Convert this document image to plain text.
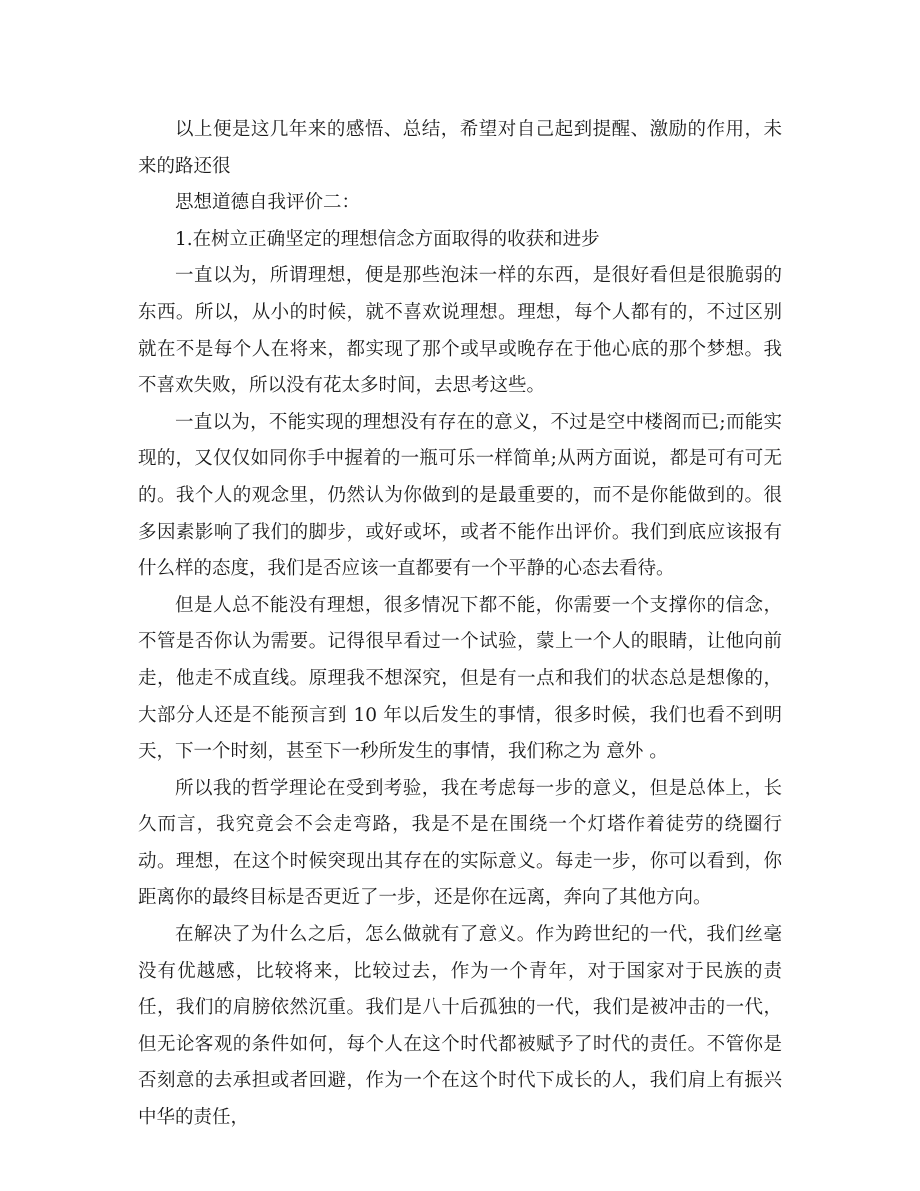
以上便是这几年来的感悟、总结，希望对自己起到提醒、激励的作用，未来的路还很

思想道德自我评价二：

1.在树立正确坚定的理想信念方面取得的收获和进步

一直以为，所谓理想，便是那些泡沫一样的东西，是很好看但是很脆弱的东西。所以，从小的时候，就不喜欢说理想。理想，每个人都有的，不过区别就在不是每个人在将来，都实现了那个或早或晚存在于他心底的那个梦想。我不喜欢失败，所以没有花太多时间，去思考这些。

一直以为，不能实现的理想没有存在的意义，不过是空中楼阁而已;而能实现的，又仅仅如同你手中握着的一瓶可乐一样简单;从两方面说，都是可有可无的。我个人的观念里，仍然认为你做到的是最重要的，而不是你能做到的。很多因素影响了我们的脚步，或好或坏，或者不能作出评价。我们到底应该报有什么样的态度，我们是否应该一直都要有一个平静的心态去看待。

但是人总不能没有理想，很多情况下都不能，你需要一个支撑你的信念，不管是否你认为需要。记得很早看过一个试验，蒙上一个人的眼睛，让他向前走，他走不成直线。原理我不想深究，但是有一点和我们的状态总是想像的，大部分人还是不能预言到 10 年以后发生的事情，很多时候，我们也看不到明天，下一个时刻，甚至下一秒所发生的事情，我们称之为 意外 。

所以我的哲学理论在受到考验，我在考虑每一步的意义，但是总体上，长久而言，我究竟会不会走弯路，我是不是在围绕一个灯塔作着徒劳的绕圈行动。理想，在这个时候突现出其存在的实际意义。每走一步，你可以看到，你距离你的最终目标是否更近了一步，还是你在远离，奔向了其他方向。

在解决了为什么之后，怎么做就有了意义。作为跨世纪的一代，我们丝毫没有优越感，比较将来，比较过去，作为一个青年，对于国家对于民族的责任，我们的肩膀依然沉重。我们是八十后孤独的一代，我们是被冲击的一代，但无论客观的条件如何，每个人在这个时代都被赋予了时代的责任。不管你是否刻意的去承担或者回避，作为一个在这个时代下成长的人，我们肩上有振兴中华的责任，
